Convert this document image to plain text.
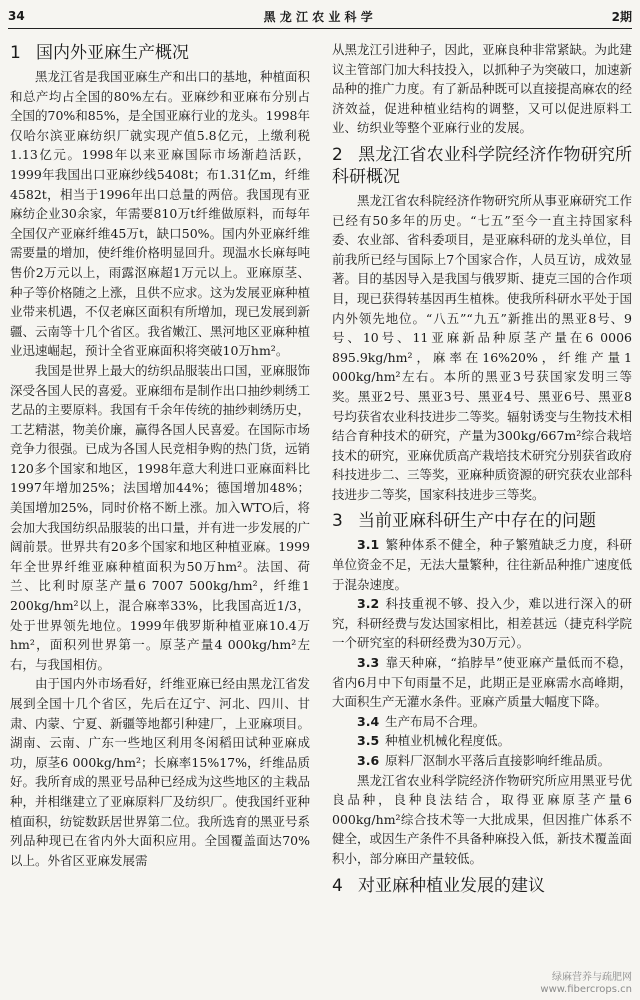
34	黑 龙 江 农 业 科 学	2期
1 国内外亚麻生产概况

黑龙江省是我国亚麻生产和出口的基地，种植面积和总产均占全国的80%左右。亚麻纱和亚麻布分别占全国的70%和85%，是全国亚麻行业的龙头。1998年仅哈尔滨亚麻纺织厂就实现产值5.8亿元，上缴利税1.13亿元。1998年以来亚麻国际市场渐趋活跃，1999年我国出口亚麻纱线5408t；布1.31亿m，纤维4582t，相当于1996年出口总量的两倍。我国现有亚麻纺企业30余家，年需要810万t纤维做原料，而每年全国仅产亚麻纤维45万t，缺口50%。国内外亚麻纤维需要量的增加，使纤维价格明显回升。现温水长麻每吨售价2万元以上，雨露沤麻超1万元以上。亚麻原茎、种子等价格随之上涨，且供不应求。这为发展亚麻种植业带来机遇，不仅老麻区面积有所增加，现已发展到新疆、云南等十几个省区。我省嫩江、黑河地区亚麻种植业迅速崛起，预计全省亚麻面积将突破10万hm²。

我国是世界上最大的纺织品服装出口国，亚麻服饰深受各国人民的喜爱。亚麻细布是制作出口抽纱刺绣工艺品的主要原料。我国有千余年传统的抽纱刺绣历史，工艺精湛，物美价廉，赢得各国人民喜爱。在国际市场竞争力很强。已成为各国人民竞相争购的热门货，远销120多个国家和地区，1998年意大利进口亚麻面料比1997年增加25%；法国增加44%；德国增加48%；美国增加25%，同时价格不断上涨。加入WTO后，将会加大我国纺织品服装的出口量，并有进一步发展的广阔前景。世界共有20多个国家和地区种植亚麻。1999年全世界纤维亚麻种植面积为50万hm²。法国、荷兰、比利时原茎产量6 7007 500kg/hm²，纤维1 200kg/hm²以上，混合麻率33%，比我国高近1/3，处于世界领先地位。1999年俄罗斯种植亚麻10.4万hm²，面积列世界第一。原茎产量4 000kg/hm²左右，与我国相仿。

由于国内外市场看好，纤维亚麻已经由黑龙江省发展到全国十几个省区，先后在辽宁、河北、四川、甘肃、内蒙、宁夏、新疆等地都引种建厂，上亚麻项目。湖南、云南、广东一些地区利用冬闲稻田试种亚麻成功，原茎6 000kg/hm²；长麻率15%17%，纤维品质好。我所育成的黑亚号品种已经成为这些地区的主栽品种，并相继建立了亚麻原料厂及纺织厂。使我国纤亚种植面积，纺锭数跃居世界第二位。我所选育的黑亚号系列品种现已在省内外大面积应用。全国覆盖面达70%以上。外省区亚麻发展需

从黑龙江引进种子，因此，亚麻良种非常紧缺。为此建议主管部门加大科技投入，以抓种子为突破口，加速新品种的推广力度。有了新品种既可以直接提高麻农的经济效益，促进种植业结构的调整，又可以促进原料工业、纺织业等整个亚麻行业的发展。

2 黑龙江省农业科学院经济作物研究所科研概况

黑龙江省农科院经济作物研究所从事亚麻研究工作已经有50多年的历史。“七五”至今一直主持国家科委、农业部、省科委项目，是亚麻科研的龙头单位，目前我所已经与国际上7个国家合作，人员互访，成效显著。目的基因导入是我国与俄罗斯、捷克三国的合作项目，现已获得转基因再生植株。使我所科研水平处于国内外领先地位。“八五”“九五”新推出的黑亚8号、9号、10号、11亚麻新品种原茎产量在6 0006 895.9kg/hm²，麻率在16%20%，纤维产量1 000kg/hm²左右。本所的黑亚3号获国家发明三等奖。黑亚2号、黑亚3号、黑亚4号、黑亚6号、黑亚8号均获省农业科技进步二等奖。辐射诱变与生物技术相结合育种技术的研究，产量为300kg/667m²综合栽培技术的研究，亚麻优质高产栽培技术研究分别获省政府科技进步二、三等奖，亚麻种质资源的研究获农业部科技进步二等奖，国家科技进步三等奖。

3 当前亚麻科研生产中存在的问题

3.1 繁种体系不健全，种子繁殖缺乏力度，科研单位资金不足，无法大量繁种，往往新品种推广速度低于混杂速度。

3.2 科技重视不够、投入少，难以进行深入的研究，科研经费与发达国家相比，相差甚远（捷克科学院一个研究室的科研经费为30万元）。

3.3 靠天种麻，“掐脖旱”使亚麻产量低而不稳，省内6月中下旬雨量不足，此期正是亚麻需水高峰期，大面积生产无灌水条件。亚麻产质量大幅度下降。

3.4 生产布局不合理。

3.5 种植业机械化程度低。

3.6 原料厂沤制水平落后直接影响纤维品质。

黑龙江省农业科学院经济作物研究所应用黑亚号优良品种，良种良法结合，取得亚麻原茎产量6 000kg/hm²综合技术等一大批成果，但因推广体系不健全，或因生产条件不具备种麻投入低，新技术覆盖面积小，部分麻田产量较低。

4 对亚麻种植业发展的建议
绿麻营养与疏肥网
www.fibercrops.cn
